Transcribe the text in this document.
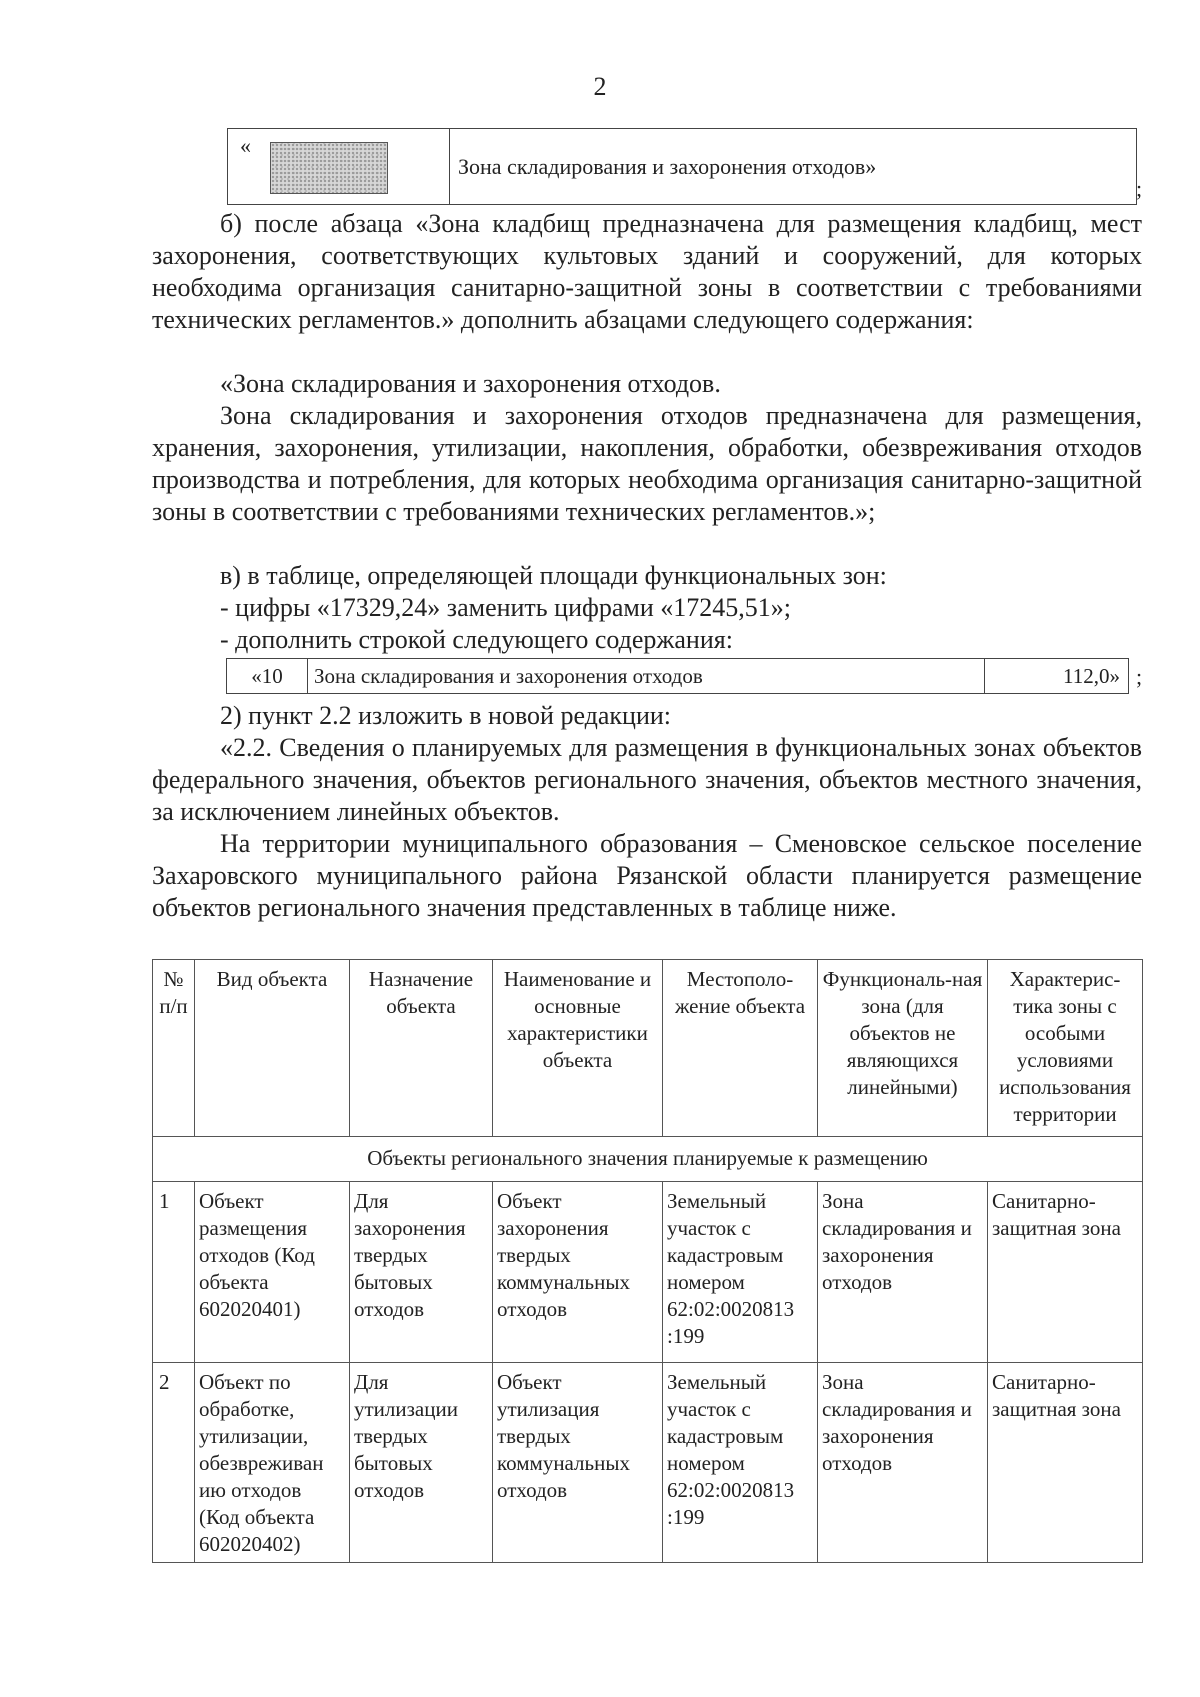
2
«
Зона складирования и захоронения отходов»
;

б) после абзаца «Зона кладбищ предназначена для размещения кладбищ, мест захоронения, соответствующих культовых зданий и сооружений, для которых необходима организация санитарно-защитной зоны в соответствии с требованиями технических регламентов.» дополнить абзацами следующего содержания:

«Зона складирования и захоронения отходов.

Зона складирования и захоронения отходов предназначена для размещения, хранения, захоронения, утилизации, накопления, обработки, обезвреживания отходов производства и потребления, для которых необходима организация санитарно-защитной зоны в соответствии с требованиями технических регламентов.»;

в) в таблице, определяющей площади функциональных зон:
- цифры «17329,24» заменить цифрами «17245,51»;
- дополнить строкой следующего содержания:
«10	Зона складирования и захоронения отходов	112,0» ;
2) пункт 2.2 изложить в новой редакции:

«2.2. Сведения о планируемых для размещения в функциональных зонах объектов федерального значения, объектов регионального значения, объектов местного значения, за исключением линейных объектов.

На территории муниципального образования – Сменовское сельское поселение Захаровского муниципального района Рязанской области планируется размещение объектов регионального значения представленных в таблице ниже.

№ п/п	Вид объекта	Назначение объекта	Наименование и основные характеристики объекта	Местополо-жение объекта	Функциональ-ная зона (для объектов не являющихся линейными)	Характерис-тика зоны с особыми условиями использования территории
Объекты регионального значения планируемые к размещению						
1	Объект размещения отходов (Код объекта 602020401)	Для захоронения твердых бытовых отходов	Объект захоронения твердых коммунальных отходов	Земельный участок с кадастровым номером 62:02:0020813 :199	Зона складирования и захоронения отходов	Санитарно-защитная зона
2	Объект по обработке, утилизации, обезвреживан ию отходов (Код объекта 602020402)	Для утилизации твердых бытовых отходов	Объект утилизация твердых коммунальных отходов	Земельный участок с кадастровым номером 62:02:0020813 :199	Зона складирования и захоронения отходов	Санитарно-защитная зона
